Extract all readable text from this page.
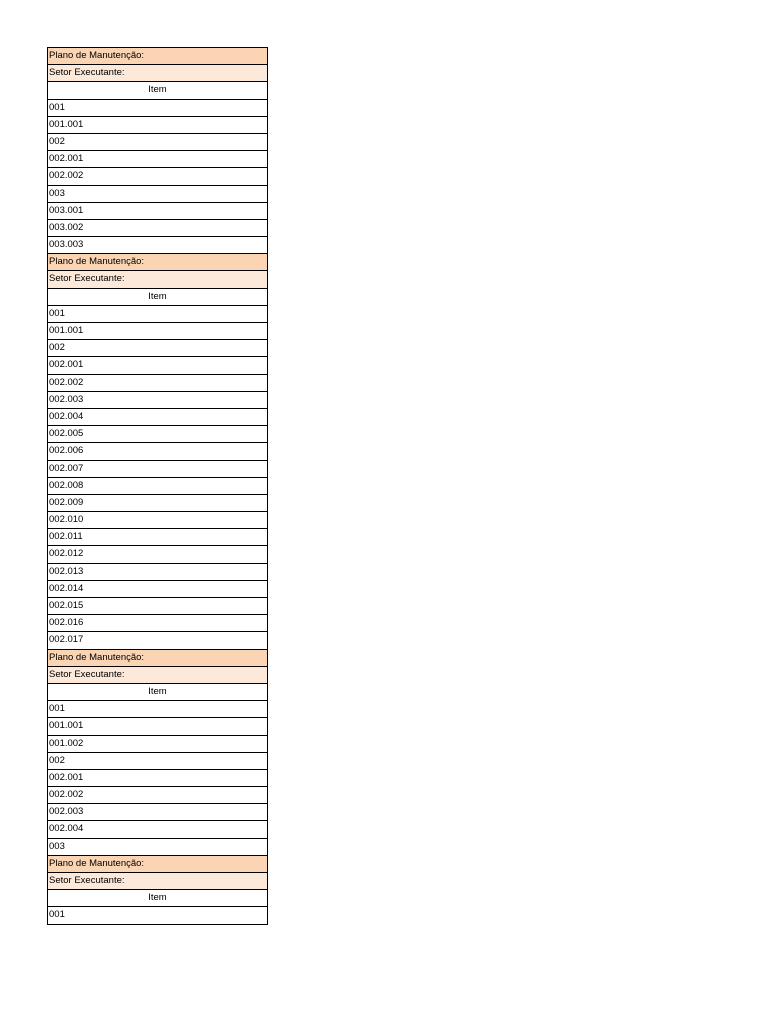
Plano de Manutenção:
Setor Executante:
Item
001
001.001
002
002.001
002.002
003
003.001
003.002
003.003
Plano de Manutenção:
Setor Executante:
Item
001
001.001
002
002.001
002.002
002.003
002.004
002.005
002.006
002.007
002.008
002.009
002.010
002.011
002.012
002.013
002.014
002.015
002.016
002.017
Plano de Manutenção:
Setor Executante:
Item
001
001.001
001.002
002
002.001
002.002
002.003
002.004
003
Plano de Manutenção:
Setor Executante:
Item
001
